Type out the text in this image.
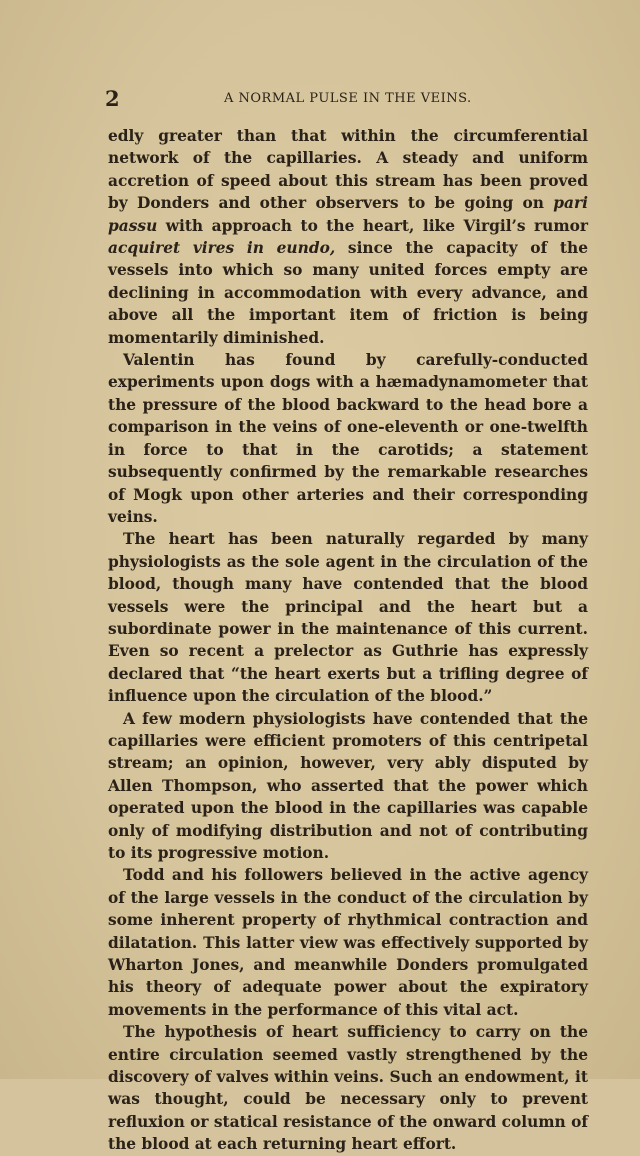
2	A NORMAL PULSE IN THE VEINS.

edly greater than that within the circumferential network of the capillaries. A steady and uniform accretion of speed about this stream has been proved by Donders and other observers to be going on pari passu with approach to the heart, like Virgil’s rumor acquiret vires in eundo, since the capacity of the vessels into which so many united forces empty are declining in accommodation with every advance, and above all the important item of friction is being momentarily diminished.

Valentin has found by carefully-conducted experiments upon dogs with a hæmadynamometer that the pressure of the blood backward to the head bore a comparison in the veins of one-eleventh or one-twelfth in force to that in the carotids; a statement subsequently confirmed by the remarkable researches of Mogk upon other arteries and their corresponding veins.

The heart has been naturally regarded by many physiologists as the sole agent in the circulation of the blood, though many have contended that the blood vessels were the principal and the heart but a subordinate power in the maintenance of this current. Even so recent a prelector as Guthrie has expressly declared that “the heart exerts but a trifling degree of influence upon the circulation of the blood.”

A few modern physiologists have contended that the capillaries were efficient promoters of this centripetal stream; an opinion, however, very ably disputed by Allen Thompson, who asserted that the power which operated upon the blood in the capillaries was capable only of modifying distribution and not of contributing to its progressive motion.

Todd and his followers believed in the active agency of the large vessels in the conduct of the circulation by some inherent property of rhythmical contraction and dilatation. This latter view was effectively supported by Wharton Jones, and meanwhile Donders promulgated his theory of adequate power about the expiratory movements in the performance of this vital act.

The hypothesis of heart sufficiency to carry on the entire circulation seemed vastly strengthened by the discovery of valves within veins. Such an endowment, it was thought, could be necessary only to prevent refluxion or statical resistance of the onward column of the blood at each returning heart effort.
